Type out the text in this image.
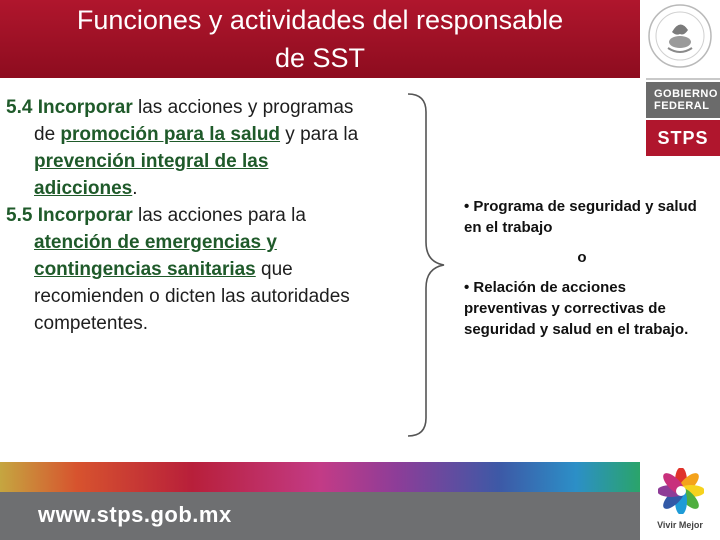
Funciones y actividades del responsable
de SST
GOBIERNO
FEDERAL
STPS

5.4 Incorporar las acciones y programas de promoción para la salud y para la prevención integral de las adicciones.

5.5 Incorporar las acciones para la atención de emergencias y contingencias sanitarias que recomienden o dicten las autoridades competentes.

• Programa de seguridad y salud en el trabajo

o

• Relación de acciones preventivas y correctivas de seguridad y salud en el trabajo.

www.stps.gob.mx	Vivir Mejor
